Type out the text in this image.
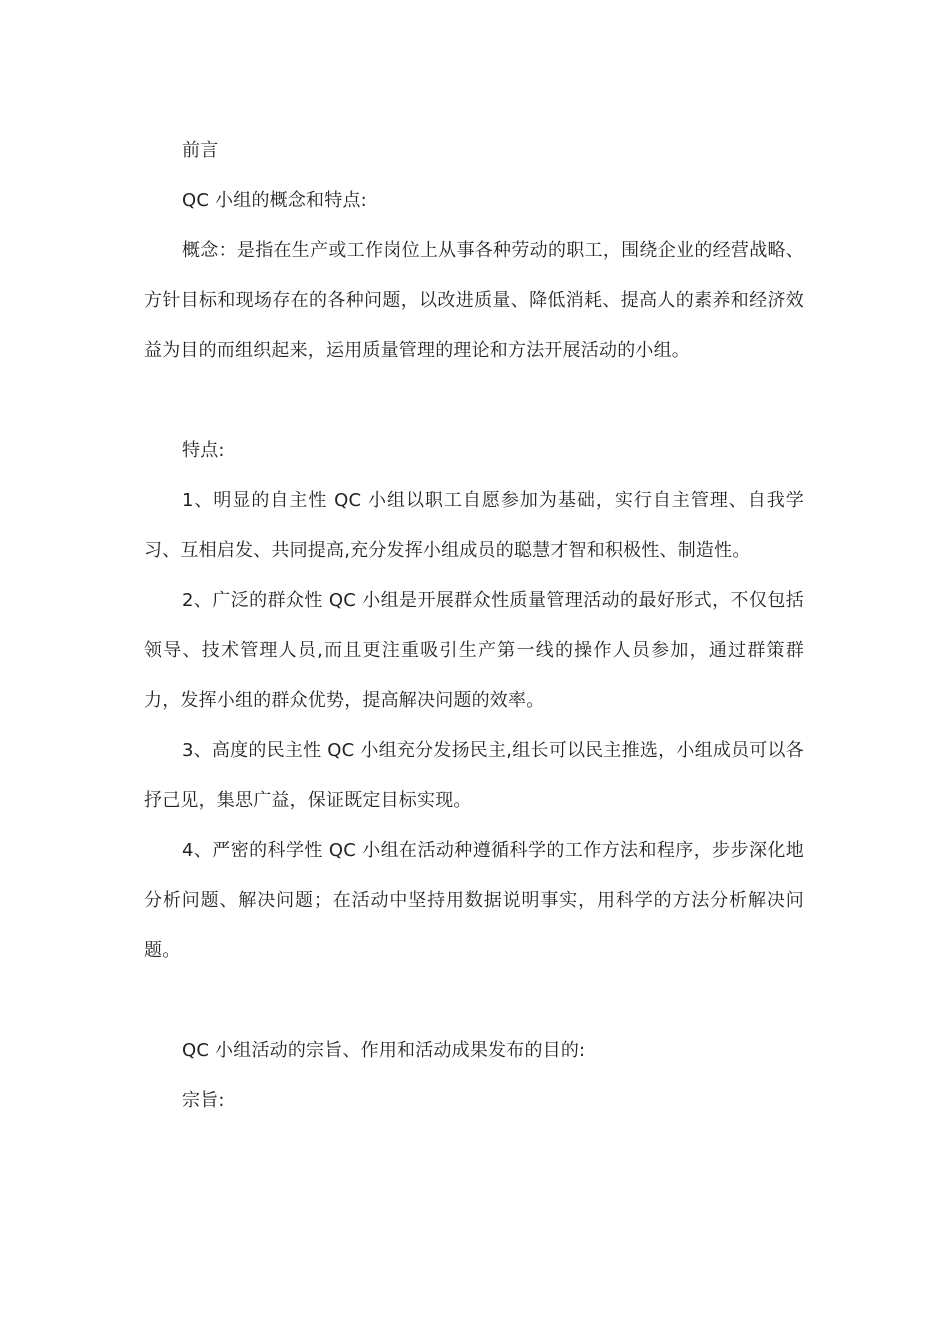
前言

QC 小组的概念和特点:

概念：是指在生产或工作岗位上从事各种劳动的职工，围绕企业的经营战略、方针目标和现场存在的各种问题，以改进质量、降低消耗、提高人的素养和经济效益为目的而组织起来，运用质量管理的理论和方法开展活动的小组。

特点:

1、明显的自主性 QC 小组以职工自愿参加为基础，实行自主管理、自我学习、互相启发、共同提高,充分发挥小组成员的聪慧才智和积极性、制造性。

2、广泛的群众性 QC 小组是开展群众性质量管理活动的最好形式，不仅包括领导、技术管理人员,而且更注重吸引生产第一线的操作人员参加，通过群策群力，发挥小组的群众优势，提高解决问题的效率。

3、高度的民主性 QC 小组充分发扬民主,组长可以民主推选，小组成员可以各抒己见，集思广益，保证既定目标实现。

4、严密的科学性 QC 小组在活动种遵循科学的工作方法和程序，步步深化地分析问题、解决问题；在活动中坚持用数据说明事实，用科学的方法分析解决问题。

QC 小组活动的宗旨、作用和活动成果发布的目的:

宗旨:
